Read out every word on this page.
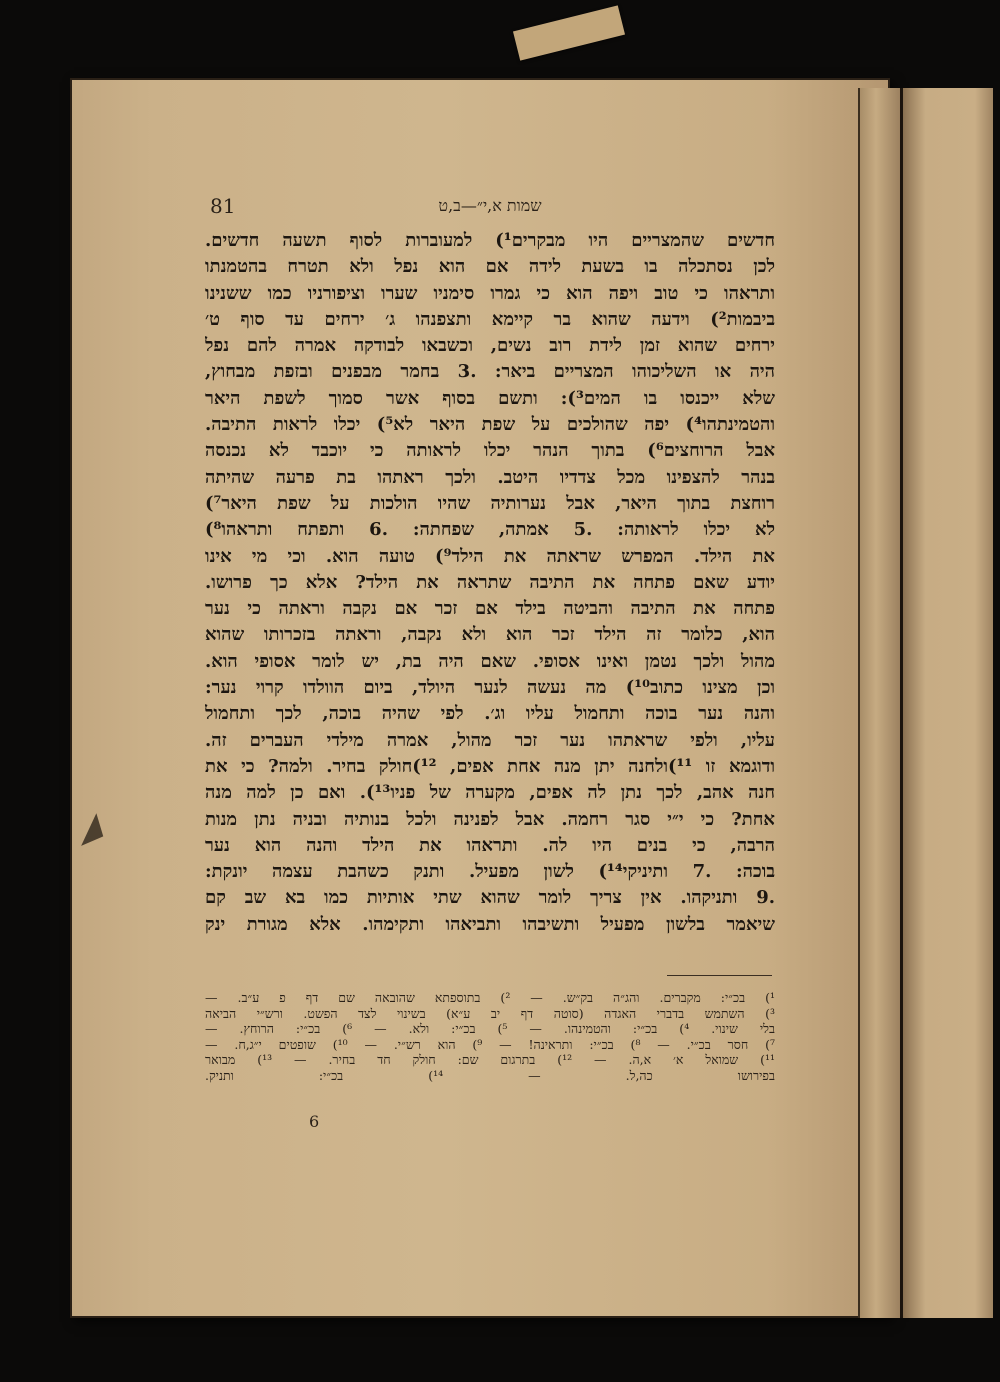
81	שמות א,י״—ב,ט
חדשים שהמצריים היו מבקרים¹) למעוברות לסוף תשעה חדשים.
לכן נסתכלה בו בשעת לידה אם הוא נפל ולא תטרח בהטמנתו
ותראהו כי טוב ויפה הוא כי גמרו סימניו שערו וציפורניו כמו ששנינו
ביבמות²) וידעה שהוא בר קיימא ותצפנהו ג׳ ירחים עד סוף ט׳
ירחים שהוא זמן לידת רוב נשים, וכשבאו לבודקה אמרה להם נפל
היה או השליכוהו המצריים ביאר: .3 בחמר מבפנים ובזפת מבחוץ,
שלא ייכנסו בו המים³): ותשם בסוף אשר סמוך לשפת היאר
והטמינתהו⁴) יפה שהולכים על שפת היאר לא⁵) יכלו לראות התיבה.
אבל הרוחצים⁶) בתוך הנהר יכלו לראותה כי יוכבד לא נכנסה
בנהר להצפינו מכל צדדיו היטב. ולכך ראתהו בת פרעה שהיתה
רוחצת בתוך היאר, אבל נערותיה שהיו הולכות על שפת היאר⁷)
לא יכלו לראותה: .5 אמתה, שפחתה: .6 ותפתח ותראהו⁸)
את הילד. המפרש שראתה את הילד⁹) טועה הוא. וכי מי אינו
יודע שאם פתחה את התיבה שתראה את הילד? אלא כך פרושו.
פתחה את התיבה והביטה בילד אם זכר אם נקבה וראתה כי נער
הוא, כלומר זה הילד זכר הוא ולא נקבה, וראתה בזכרותו שהוא
מהול ולכך נטמן ואינו אסופי. שאם היה בת, יש לומר אסופי הוא.
וכן מצינו כתוב¹⁰) מה נעשה לנער היולד, ביום הוולדו קרוי נער:
והנה נער בוכה ותחמול עליו וג׳. לפי שהיה בוכה, לכך ותחמול
עליו, ולפי שראתהו נער זכר מהול, אמרה מילדי העברים זה.
ודוגמא זו ¹¹)ולחנה יתן מנה אחת אפים, ¹²)חולק בחיר. ולמה? כי את
חנה אהב, לכך נתן לה אפים, מקערה של פניו¹³). ואם כן למה מנה
אחת? כי י״י סגר רחמה. אבל לפנינה ולכל בנותיה ובניה נתן מנות
הרבה, כי בנים היו לה. ותראהו את הילד והנה הוא נער
בוכה: .7 ותיניקי¹⁴) לשון מפעיל. ותנק כשהבת עצמה יונקת:
.9 ותניקהו. אין צריך לומר שהוא שתי אותיות כמו בא שב קם
שיאמר בלשון מפעיל ותשיבהו ותביאהו ותקימהו. אלא מגורת ינק
¹) בכ״י: מקברים. והג״ה בק״ש. — ²) בתוספתא שהובאה שם דף פ ע״ב. —
³) השתמש בדברי האגדה (סוטה דף יב ע״א) בשינוי לצד הפשט. ורש״י הביאה
בלי שינוי. ⁴) בכ״י: והטמינהו. — ⁵) בכ״י: ולא. — ⁶) בכ״י: הרוחץ. —
⁷) חסר בכ״י. — ⁸) בכ״י: ותראינה! — ⁹) הוא רש״י. — ¹⁰) שופטים י״ג,ח. —
¹¹) שמואל א׳ א,ה. — ¹²) בתרגום שם: חולק חד בחיר. — ¹³) מבואר
בפירושו כה,ל. — ¹⁴) בכ״י: ותניק.
6
